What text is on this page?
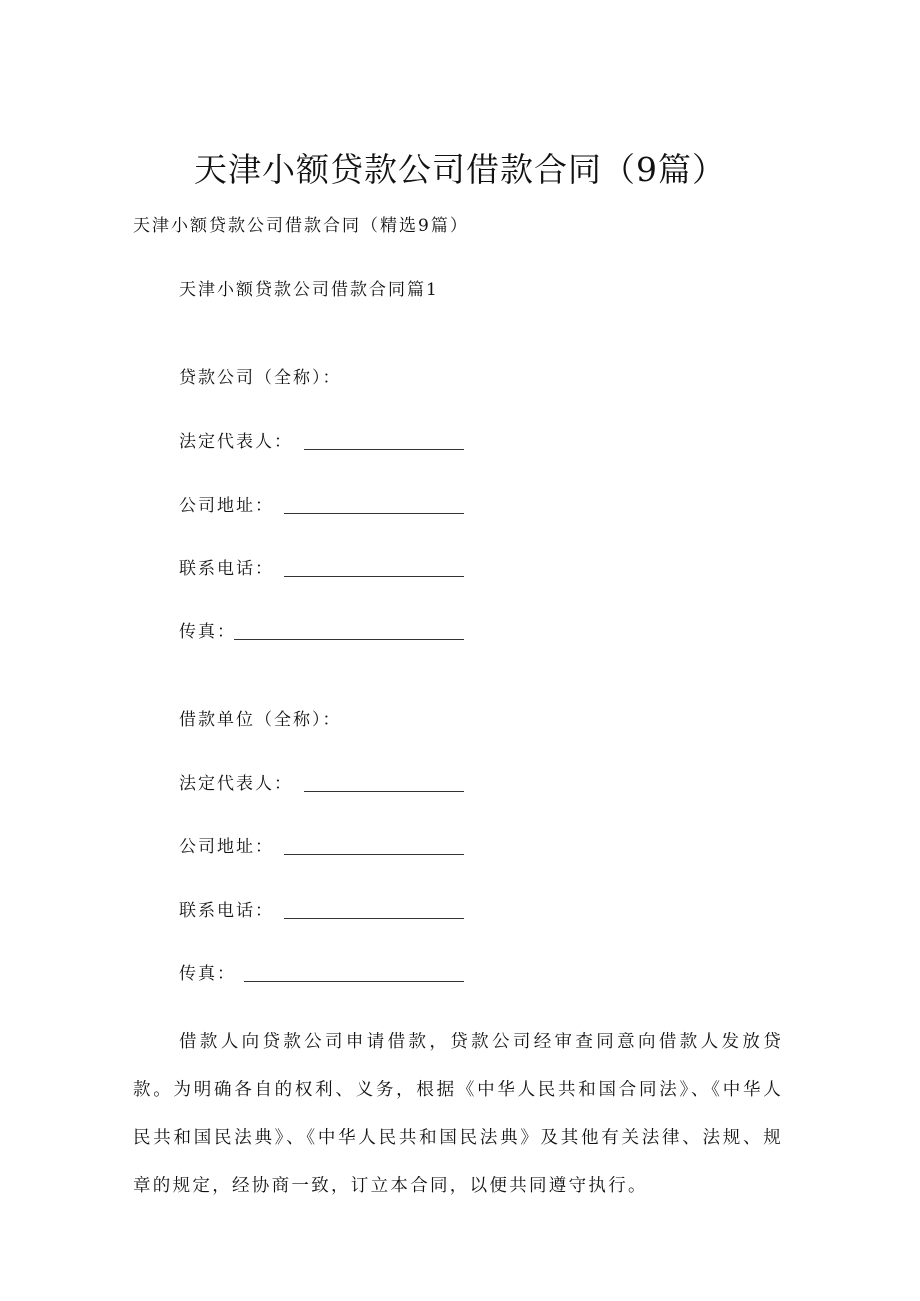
天津小额贷款公司借款合同（9篇）
天津小额贷款公司借款合同（精选9篇）
天津小额贷款公司借款合同篇1
贷款公司（全称）：
法定代表人：
公司地址：
联系电话：
传真：
借款单位（全称）：
法定代表人：
公司地址：
联系电话：
传真：
借款人向贷款公司申请借款，贷款公司经审查同意向借款人发放贷款。为明确各自的权利、义务，根据《中华人民共和国合同法》、《中华人民共和国民法典》、《中华人民共和国民法典》及其他有关法律、法规、规章的规定，经协商一致，订立本合同，以便共同遵守执行。
